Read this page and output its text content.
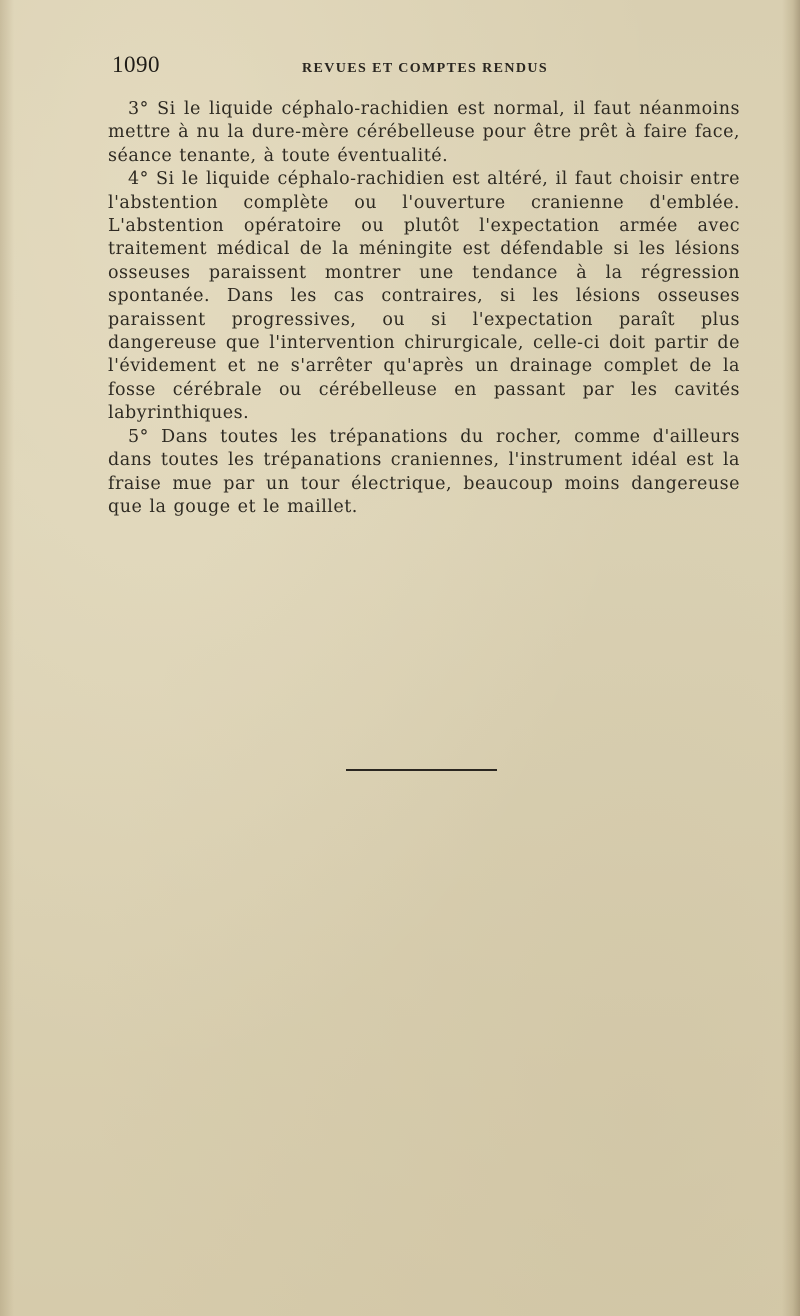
1090	REVUES ET COMPTES RENDUS

3° Si le liquide céphalo-rachidien est normal, il faut néanmoins mettre à nu la dure-mère cérébelleuse pour être prêt à faire face, séance tenante, à toute éventualité.

4° Si le liquide céphalo-rachidien est altéré, il faut choisir entre l'abstention complète ou l'ouverture cranienne d'emblée. L'abstention opératoire ou plutôt l'expectation armée avec traitement médical de la méningite est défendable si les lésions osseuses paraissent montrer une tendance à la régression spontanée. Dans les cas contraires, si les lésions osseuses paraissent progressives, ou si l'expectation paraît plus dangereuse que l'intervention chirurgicale, celle-ci doit partir de l'évidement et ne s'arrêter qu'après un drainage complet de la fosse cérébrale ou cérébelleuse en passant par les cavités labyrinthiques.

5° Dans toutes les trépanations du rocher, comme d'ailleurs dans toutes les trépanations craniennes, l'instrument idéal est la fraise mue par un tour électrique, beaucoup moins dangereuse que la gouge et le maillet.
